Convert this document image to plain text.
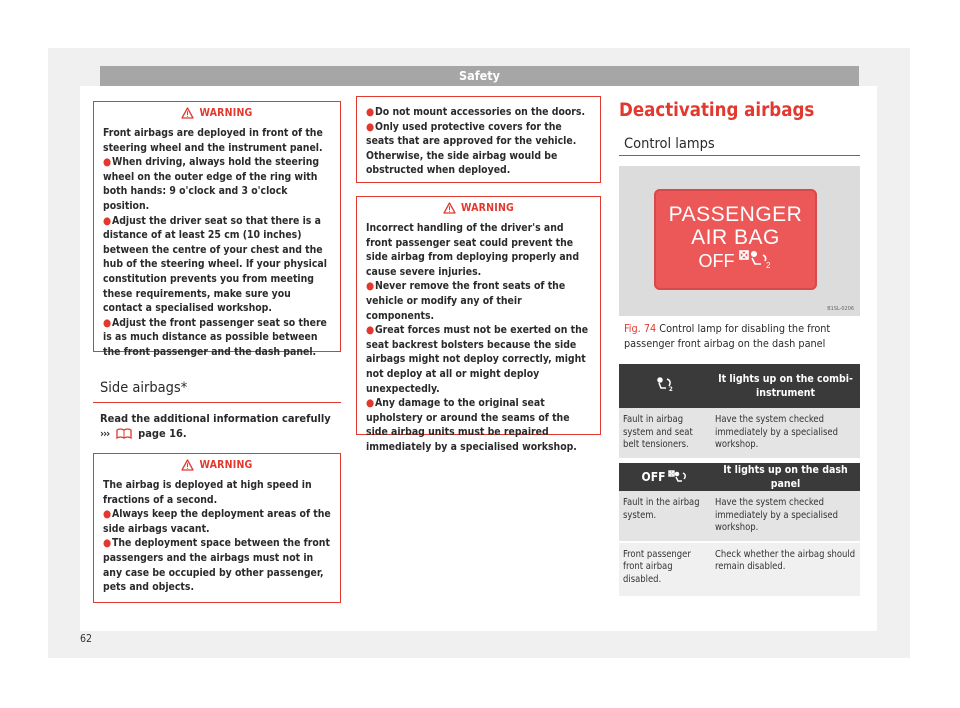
Safety
WARNING

Front airbags are deployed in front of the steering wheel and the instrument panel.

●When driving, always hold the steering wheel on the outer edge of the ring with both hands: 9 o'clock and 3 o'clock position.

●Adjust the driver seat so that there is a distance of at least 25 cm (10 inches) between the centre of your chest and the hub of the steering wheel. If your physical constitution prevents you from meeting these requirements, make sure you contact a specialised workshop.

●Adjust the front passenger seat so there is as much distance as possible between the front passenger and the dash panel.

Side airbags*
Read the additional information carefully
›››	page 16.
WARNING

The airbag is deployed at high speed in fractions of a second.

●Always keep the deployment areas of the side airbags vacant.

●The deployment space between the front passengers and the airbags must not in any case be occupied by other passenger, pets and objects.

●Do not mount accessories on the doors.

●Only used protective covers for the seats that are approved for the vehicle. Otherwise, the side airbag would be obstructed when deployed.

WARNING

Incorrect handling of the driver's and front passenger seat could prevent the side airbag from deploying properly and cause severe injuries.

●Never remove the front seats of the vehicle or modify any of their components.

●Great forces must not be exerted on the seat backrest bolsters because the side airbags might not deploy correctly, might not deploy at all or might deploy unexpectedly.

●Any damage to the original seat upholstery or around the seams of the side airbag units must be repaired immediately by a specialised workshop.

Deactivating airbags
Control lamps
PASSENGER
AIR BAG
OFF	2
B1SL-0206
Fig. 74 Control lamp for disabling the front passenger front airbag on the dash panel
2	It lights up on the combi-instrument
Fault in airbag system and seat belt tensioners.	Have the system checked immediately by a specialised workshop.
OFF	It lights up on the dash panel
Fault in the airbag system.	Have the system checked immediately by a specialised workshop.

Front passenger front airbag disabled.	Check whether the airbag should remain disabled.
62
